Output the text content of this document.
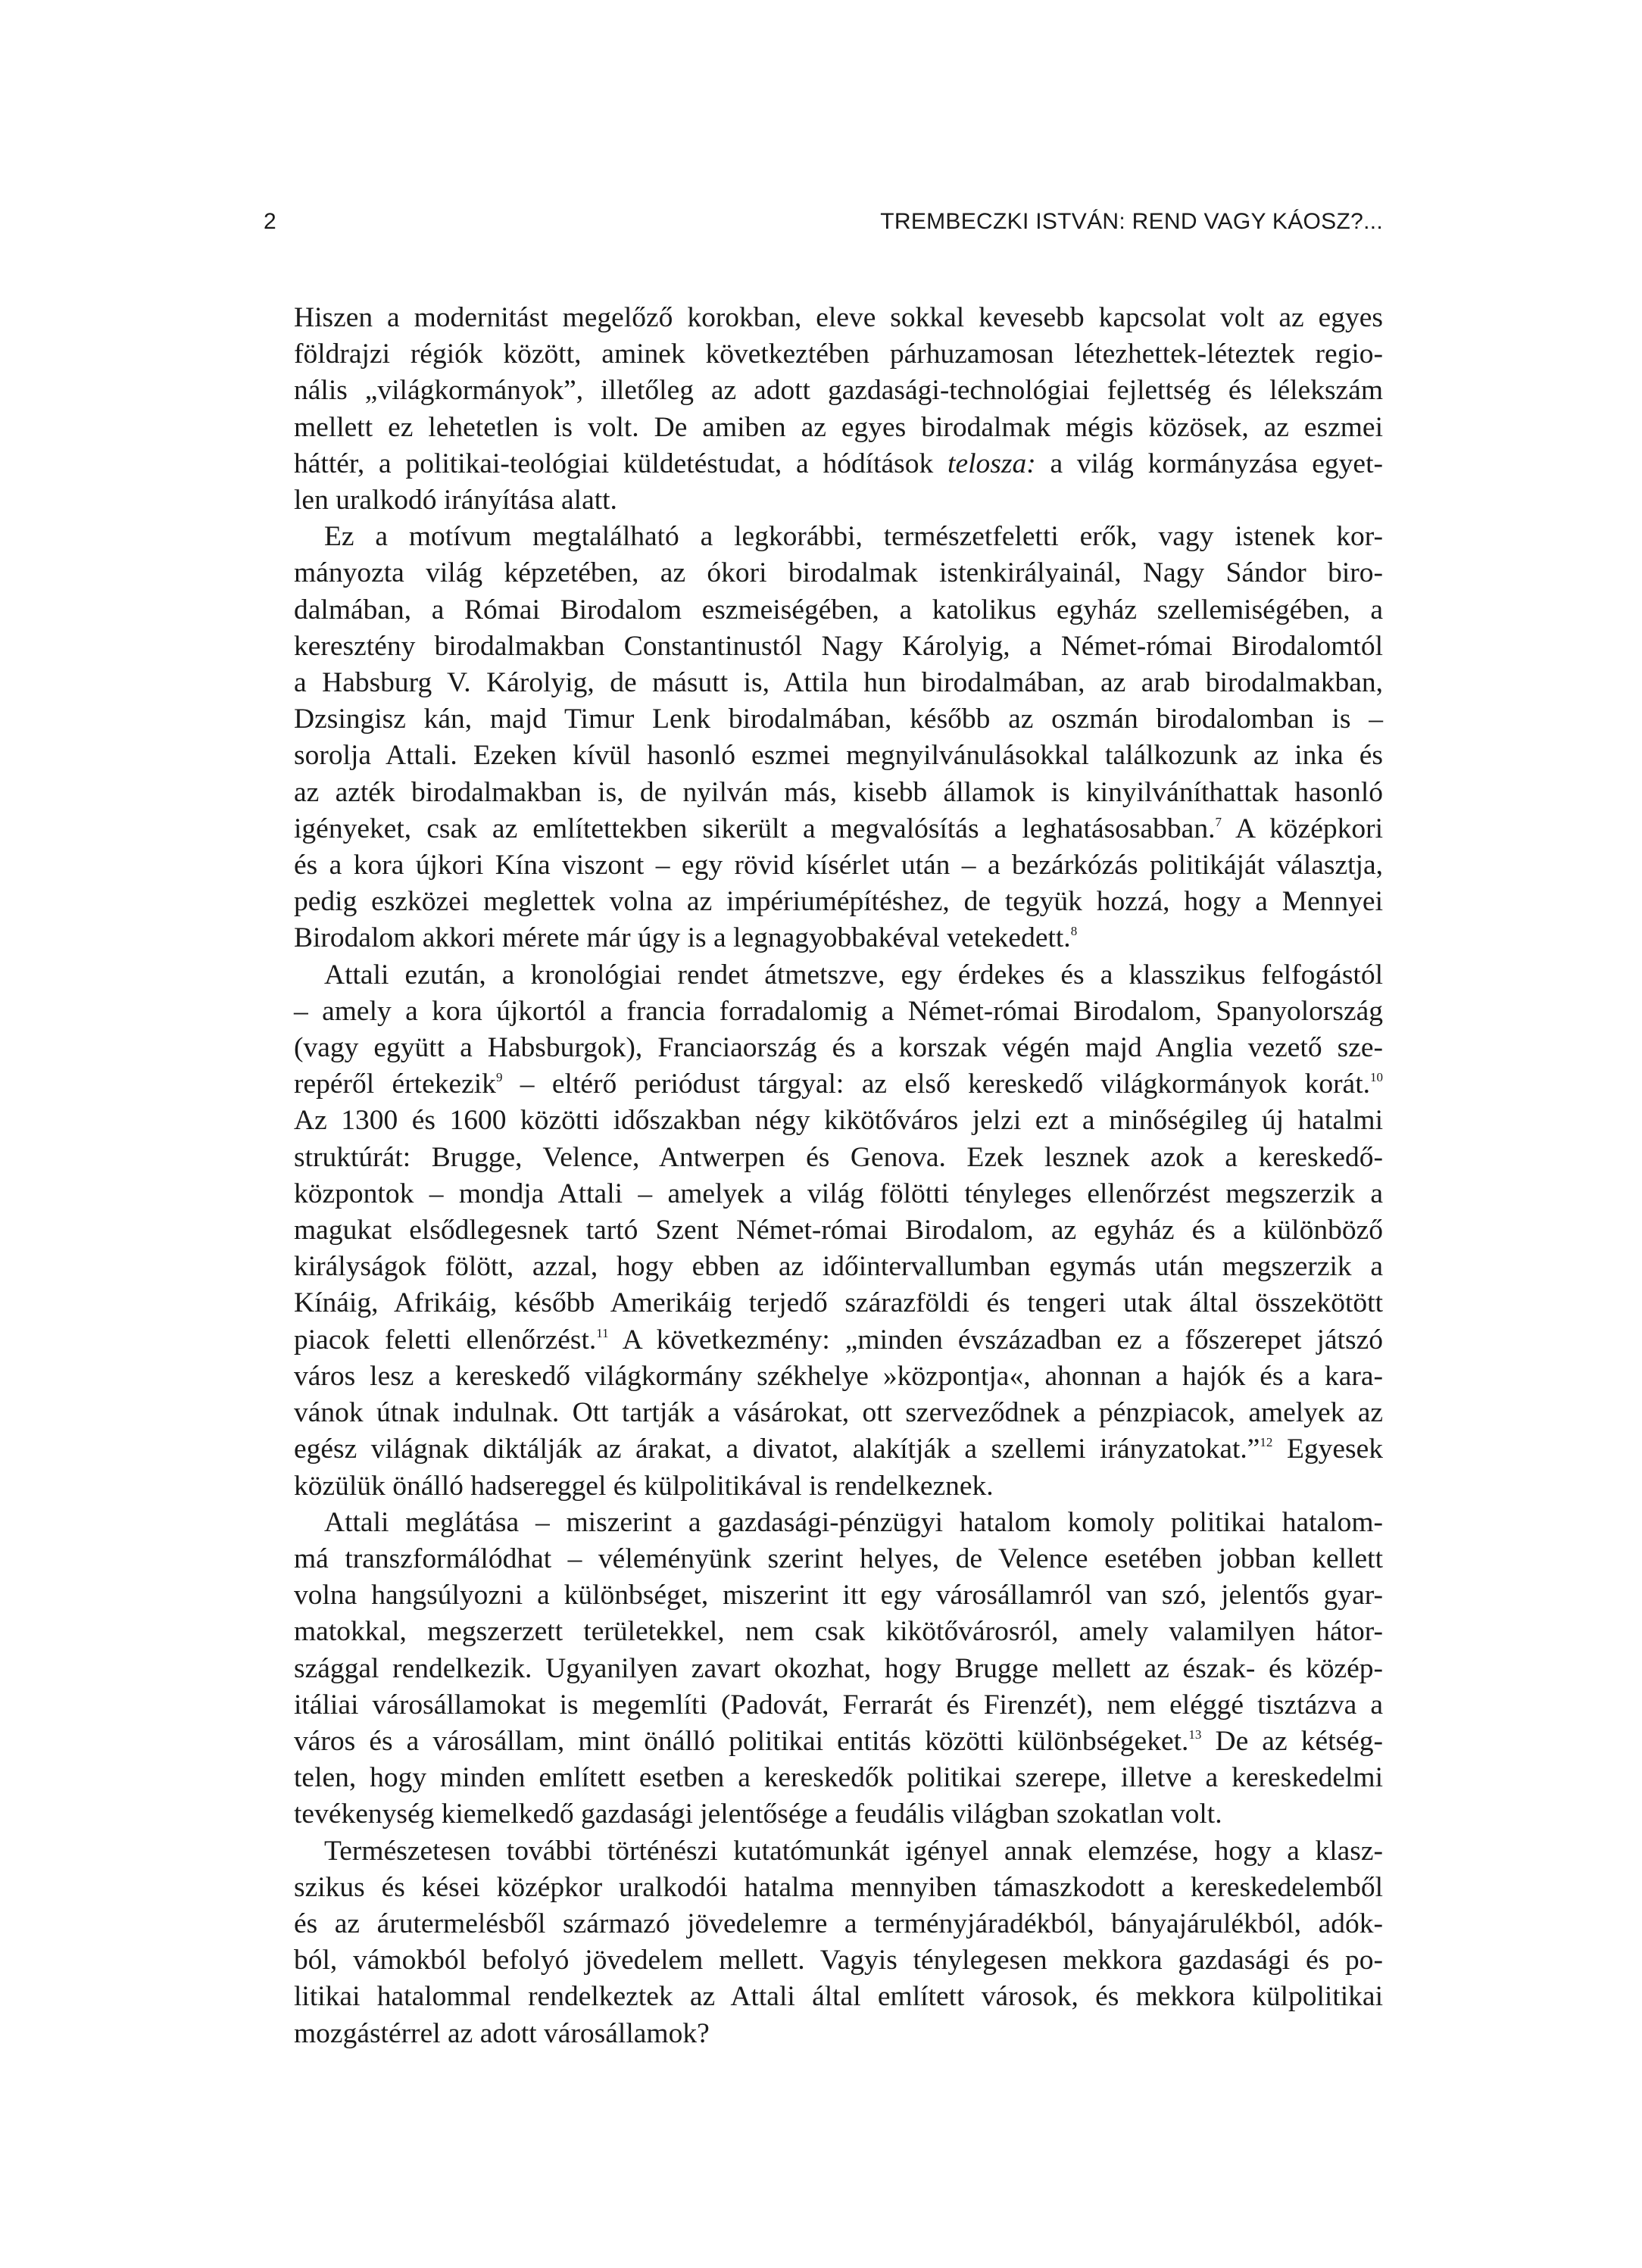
2	TREMBECZKI ISTVÁN: REND VAGY KÁOSZ?...
Hiszen a modernitást megelőző korokban, eleve sokkal kevesebb kapcsolat volt az egyes
földrajzi régiók között, aminek következtében párhuzamosan létezhettek-léteztek regio-
nális „világkormányok”, illetőleg az adott gazdasági-technológiai fejlettség és lélekszám
mellett ez lehetetlen is volt. De amiben az egyes birodalmak mégis közösek, az eszmei
háttér, a politikai-teológiai küldetéstudat, a hódítások telosza: a világ kormányzása egyet-
len uralkodó irányítása alatt.
Ez a motívum megtalálható a legkorábbi, természetfeletti erők, vagy istenek kor-
mányozta világ képzetében, az ókori birodalmak istenkirályainál, Nagy Sándor biro-
dalmában, a Római Birodalom eszmeiségében, a katolikus egyház szellemiségében, a
keresztény birodalmakban Constantinustól Nagy Károlyig, a Német-római Birodalomtól
a Habsburg V. Károlyig, de másutt is, Attila hun birodalmában, az arab birodalmakban,
Dzsingisz kán, majd Timur Lenk birodalmában, később az oszmán birodalomban is –
sorolja Attali. Ezeken kívül hasonló eszmei megnyilvánulásokkal találkozunk az inka és
az azték birodalmakban is, de nyilván más, kisebb államok is kinyilváníthattak hasonló
igényeket, csak az említettekben sikerült a megvalósítás a leghatásosabban.$^7$ A középkori
és a kora újkori Kína viszont – egy rövid kísérlet után – a bezárkózás politikáját választja,
pedig eszközei meglettek volna az impériumépítéshez, de tegyük hozzá, hogy a Mennyei
Birodalom akkori mérete már úgy is a legnagyobbakéval vetekedett.$^8$
Attali ezután, a kronológiai rendet átmetszve, egy érdekes és a klasszikus felfogástól
– amely a kora újkortól a francia forradalomig a Német-római Birodalom, Spanyolország
(vagy együtt a Habsburgok), Franciaország és a korszak végén majd Anglia vezető sze-
repéről értekezik$^9$ – eltérő periódust tárgyal: az első kereskedő világkormányok korát.$^{10}$
Az 1300 és 1600 közötti időszakban négy kikötőváros jelzi ezt a minőségileg új hatalmi
struktúrát: Brugge, Velence, Antwerpen és Genova. Ezek lesznek azok a kereskedő-
központok – mondja Attali – amelyek a világ fölötti tényleges ellenőrzést megszerzik a
magukat elsődlegesnek tartó Szent Német-római Birodalom, az egyház és a különböző
királyságok fölött, azzal, hogy ebben az időintervallumban egymás után megszerzik a
Kínáig, Afrikáig, később Amerikáig terjedő szárazföldi és tengeri utak által összekötött
piacok feletti ellenőrzést.$^{11}$ A következmény: „minden évszázadban ez a főszerepet játszó
város lesz a kereskedő világkormány székhelye »központja«, ahonnan a hajók és a kara-
vánok útnak indulnak. Ott tartják a vásárokat, ott szerveződnek a pénzpiacok, amelyek az
egész világnak diktálják az árakat, a divatot, alakítják a szellemi irányzatokat.”$^{12}$ Egyesek
közülük önálló hadsereggel és külpolitikával is rendelkeznek.
Attali meglátása – miszerint a gazdasági-pénzügyi hatalom komoly politikai hatalom-
má transzformálódhat – véleményünk szerint helyes, de Velence esetében jobban kellett
volna hangsúlyozni a különbséget, miszerint itt egy városállamról van szó, jelentős gyar-
matokkal, megszerzett területekkel, nem csak kikötővárosról, amely valamilyen hátor-
szággal rendelkezik. Ugyanilyen zavart okozhat, hogy Brugge mellett az észak- és közép-
itáliai városállamokat is megemlíti (Padovát, Ferrarát és Firenzét), nem eléggé tisztázva a
város és a városállam, mint önálló politikai entitás közötti különbségeket.$^{13}$ De az kétség-
telen, hogy minden említett esetben a kereskedők politikai szerepe, illetve a kereskedelmi
tevékenység kiemelkedő gazdasági jelentősége a feudális világban szokatlan volt.
Természetesen további történészi kutatómunkát igényel annak elemzése, hogy a klasz-
szikus és kései középkor uralkodói hatalma mennyiben támaszkodott a kereskedelemből
és az árutermelésből származó jövedelemre a terményjáradékból, bányajárulékból, adók-
ból, vámokból befolyó jövedelem mellett. Vagyis ténylegesen mekkora gazdasági és po-
litikai hatalommal rendelkeztek az Attali által említett városok, és mekkora külpolitikai
mozgástérrel az adott városállamok?
